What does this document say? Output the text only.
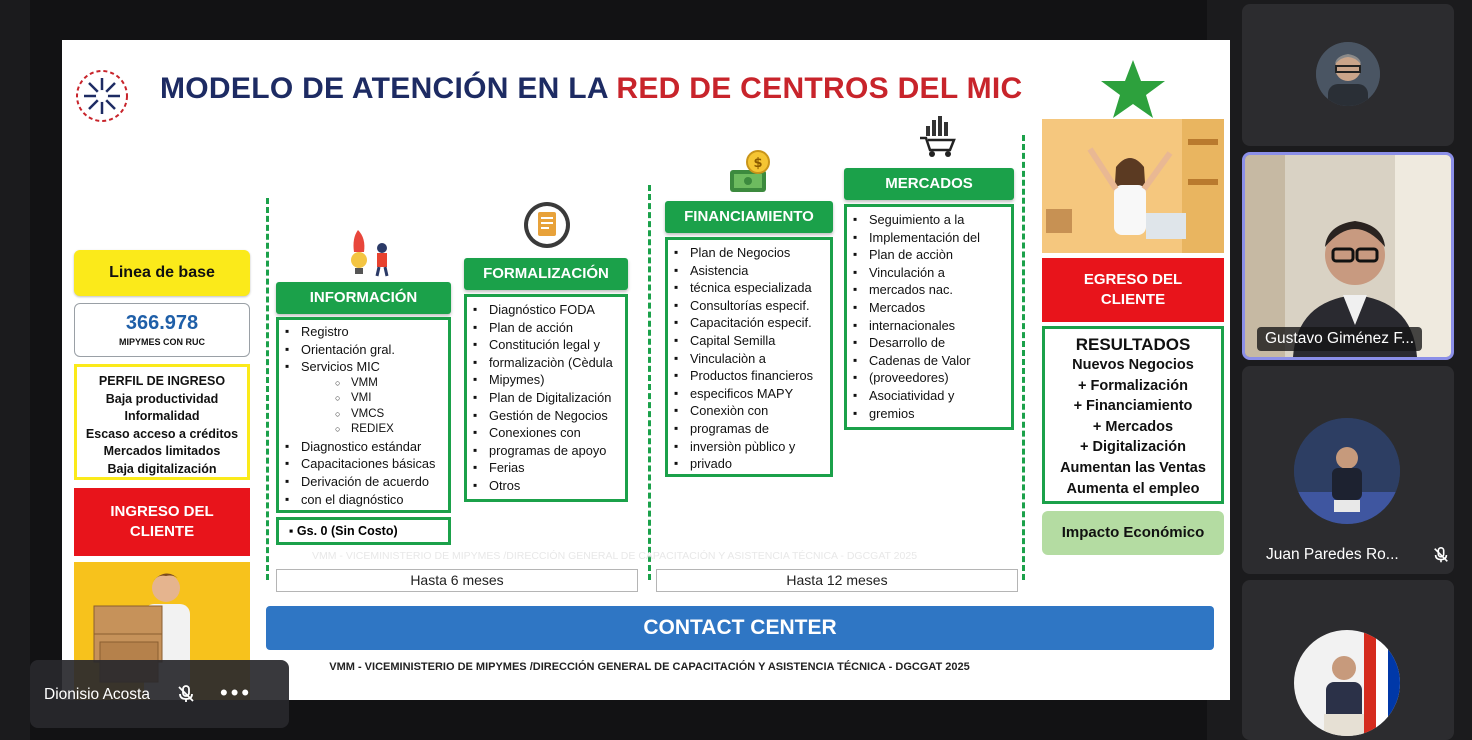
MODELO DE ATENCIÓN EN LA RED DE CENTROS DEL MIC
Linea de base
366.978
MIPYMES CON RUC
PERFIL DE INGRESO
Baja productividad
Informalidad
Escaso acceso a créditos
Mercados limitados
Baja digitalización
INGRESO DEL
CLIENTE
INFORMACIÓN
▪ Registro
▪ Orientación gral.
▪ Servicios MIC
○ VMM
○ VMI
○ VMCS
○ REDIEX
▪ Diagnostico estándar
▪ Capacitaciones básicas
▪ Derivación de acuerdo
▪ con el diagnóstico
▪ Gs. 0 (Sin Costo)
FORMALIZACIÓN
▪ Diagnóstico FODA
▪ Plan de acción
▪ Constitución legal y
▪ formalizaciòn (Cèdula
▪ Mipymes)
▪ Plan de Digitalización
▪ Gestión de Negocios
▪ Conexiones con
▪ programas de apoyo
▪ Ferias
▪ Otros
$
FINANCIAMIENTO
▪ Plan de Negocios
▪ Asistencia
▪ técnica especializada
▪ Consultorías especif.
▪ Capacitación especif.
▪ Capital Semilla
▪ Vinculaciòn a
▪ Productos financieros
▪ especificos MAPY
▪ Conexiòn con
▪ programas de
▪ inversiòn pùblico y
▪ privado
MERCADOS
▪ Seguimiento a la
▪ Implementación del
▪ Plan de acciòn
▪ Vinculación a
▪ mercados nac.
▪ Mercados
▪ internacionales
▪ Desarrollo de
▪ Cadenas de Valor
▪ (proveedores)
▪ Asociatividad y
▪ gremios
VMM - VICEMINISTERIO DE MIPYMES /DIRECCIÓN GENERAL DE CAPACITACIÓN Y ASISTENCIA TÉCNICA - DGCGAT 2025
Hasta 6 meses	Hasta 12 meses
CONTACT CENTER
VMM - VICEMINISTERIO DE MIPYMES /DIRECCIÓN GENERAL DE CAPACITACIÓN Y ASISTENCIA TÉCNICA - DGCGAT 2025
EGRESO DEL
CLIENTE
RESULTADOS
Nuevos Negocios
+ Formalización
+ Financiamiento
+ Mercados
+ Digitalización
Aumentan las Ventas
Aumenta el empleo
Impacto Económico
Dionisio Acosta	•••
Gustavo Giménez F...
Juan Paredes Ro...
